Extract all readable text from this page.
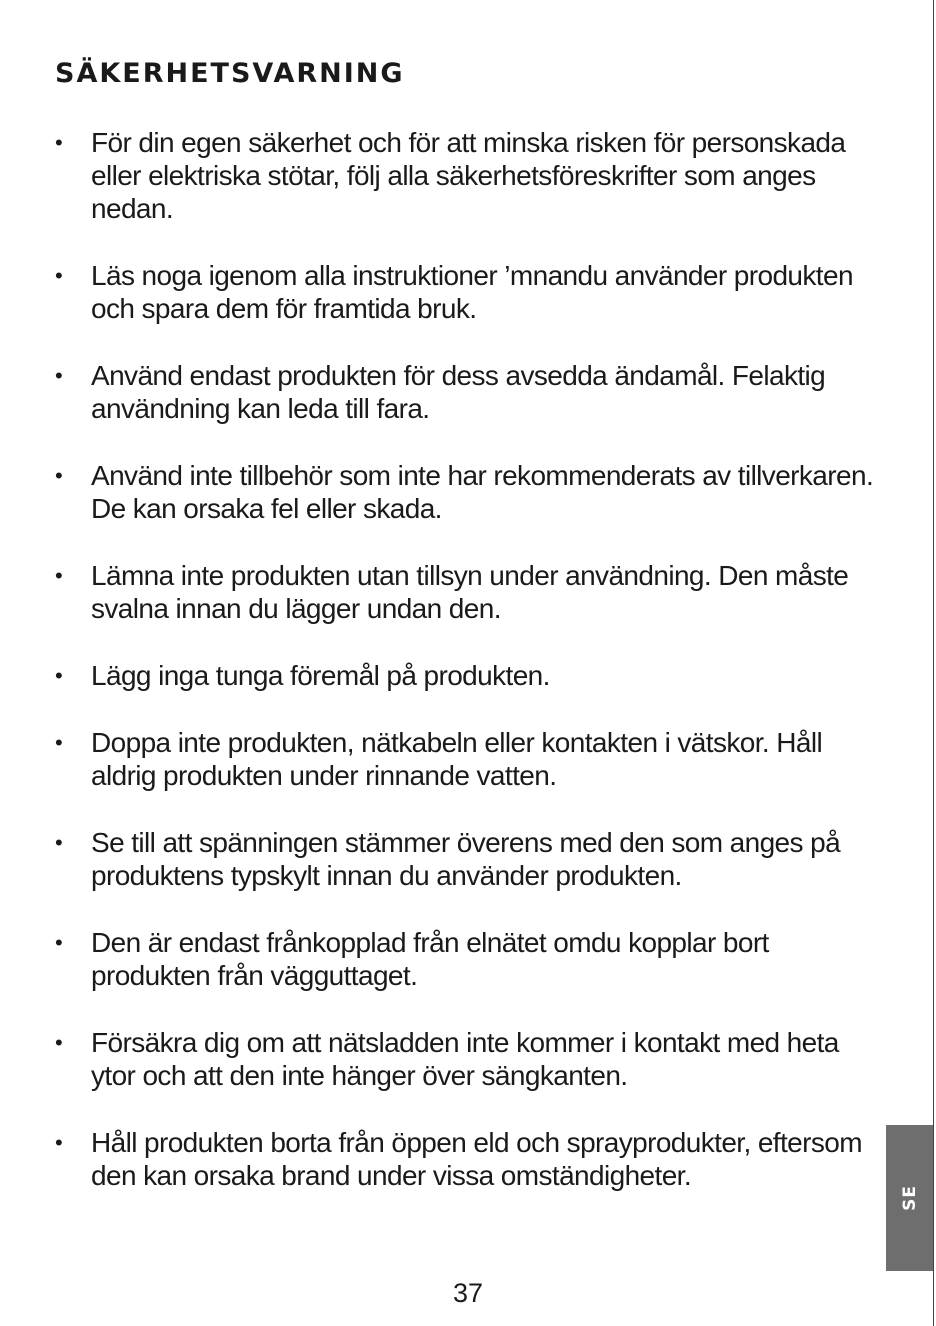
SÄKERHETSVARNING
• För din egen säkerhet och för att minska risken för personskada eller elektriska stötar, följ alla säkerhetsföreskrifter som anges nedan.
• Läs noga igenom alla instruktioner ’mnandu använder produkten och spara dem för framtida bruk.
• Använd endast produkten för dess avsedda ändamål. Felaktig användning kan leda till fara.
• Använd inte tillbehör som inte har rekommenderats av tillverkaren. De kan orsaka fel eller skada.
• Lämna inte produkten utan tillsyn under användning. Den måste svalna innan du lägger undan den.
• Lägg inga tunga föremål på produkten.
• Doppa inte produkten, nätkabeln eller kontakten i vätskor. Håll aldrig produkten under rinnande vatten.
• Se till att spänningen stämmer överens med den som anges på produktens typskylt innan du använder produkten.
• Den är endast frånkopplad från elnätet omdu kopplar bort produkten från vägguttaget.
• Försäkra dig om att nätsladden inte kommer i kontakt med heta ytor och att den inte hänger över sängkanten.
• Håll produkten borta från öppen eld och sprayprodukter, eftersom den kan orsaka brand under vissa omständigheter.
SE
37
